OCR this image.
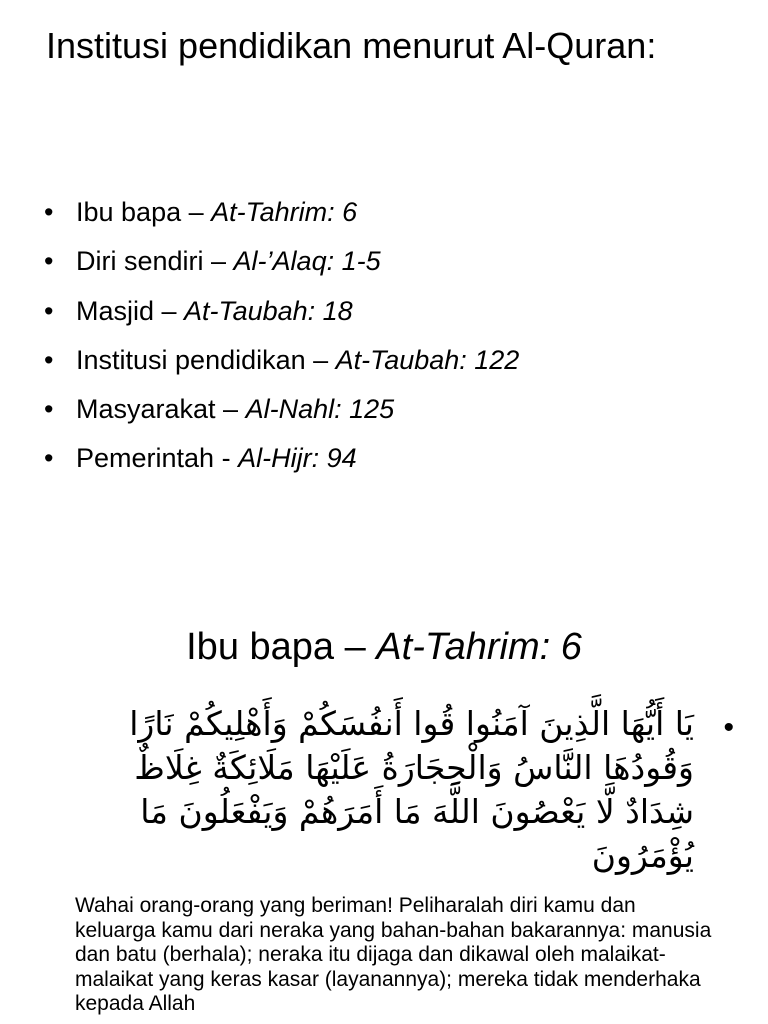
Institusi pendidikan menurut Al-Quran:
• Ibu bapa – At-Tahrim: 6
• Diri sendiri – Al-’Alaq: 1-5
• Masjid – At-Taubah: 18
• Institusi pendidikan – At-Taubah: 122
• Masyarakat – Al-Nahl: 125
• Pemerintah - Al-Hijr: 94
Ibu bapa – At-Tahrim: 6
•
يَا أَيُّهَا الَّذِينَ آمَنُوا قُوا أَنفُسَكُمْ وَأَهْلِيكُمْ نَارًا وَقُودُهَا النَّاسُ وَالْحِجَارَةُ عَلَيْهَا مَلَائِكَةٌ غِلَاظٌ شِدَادٌ لَّا يَعْصُونَ اللَّهَ مَا أَمَرَهُمْ وَيَفْعَلُونَ مَا يُؤْمَرُونَ
Wahai orang-orang yang beriman! Peliharalah diri kamu dan keluarga kamu dari neraka yang bahan-bahan bakarannya: manusia dan batu (berhala); neraka itu dijaga dan dikawal oleh malaikat-malaikat yang keras kasar (layanannya); mereka tidak menderhaka kepada Allah
